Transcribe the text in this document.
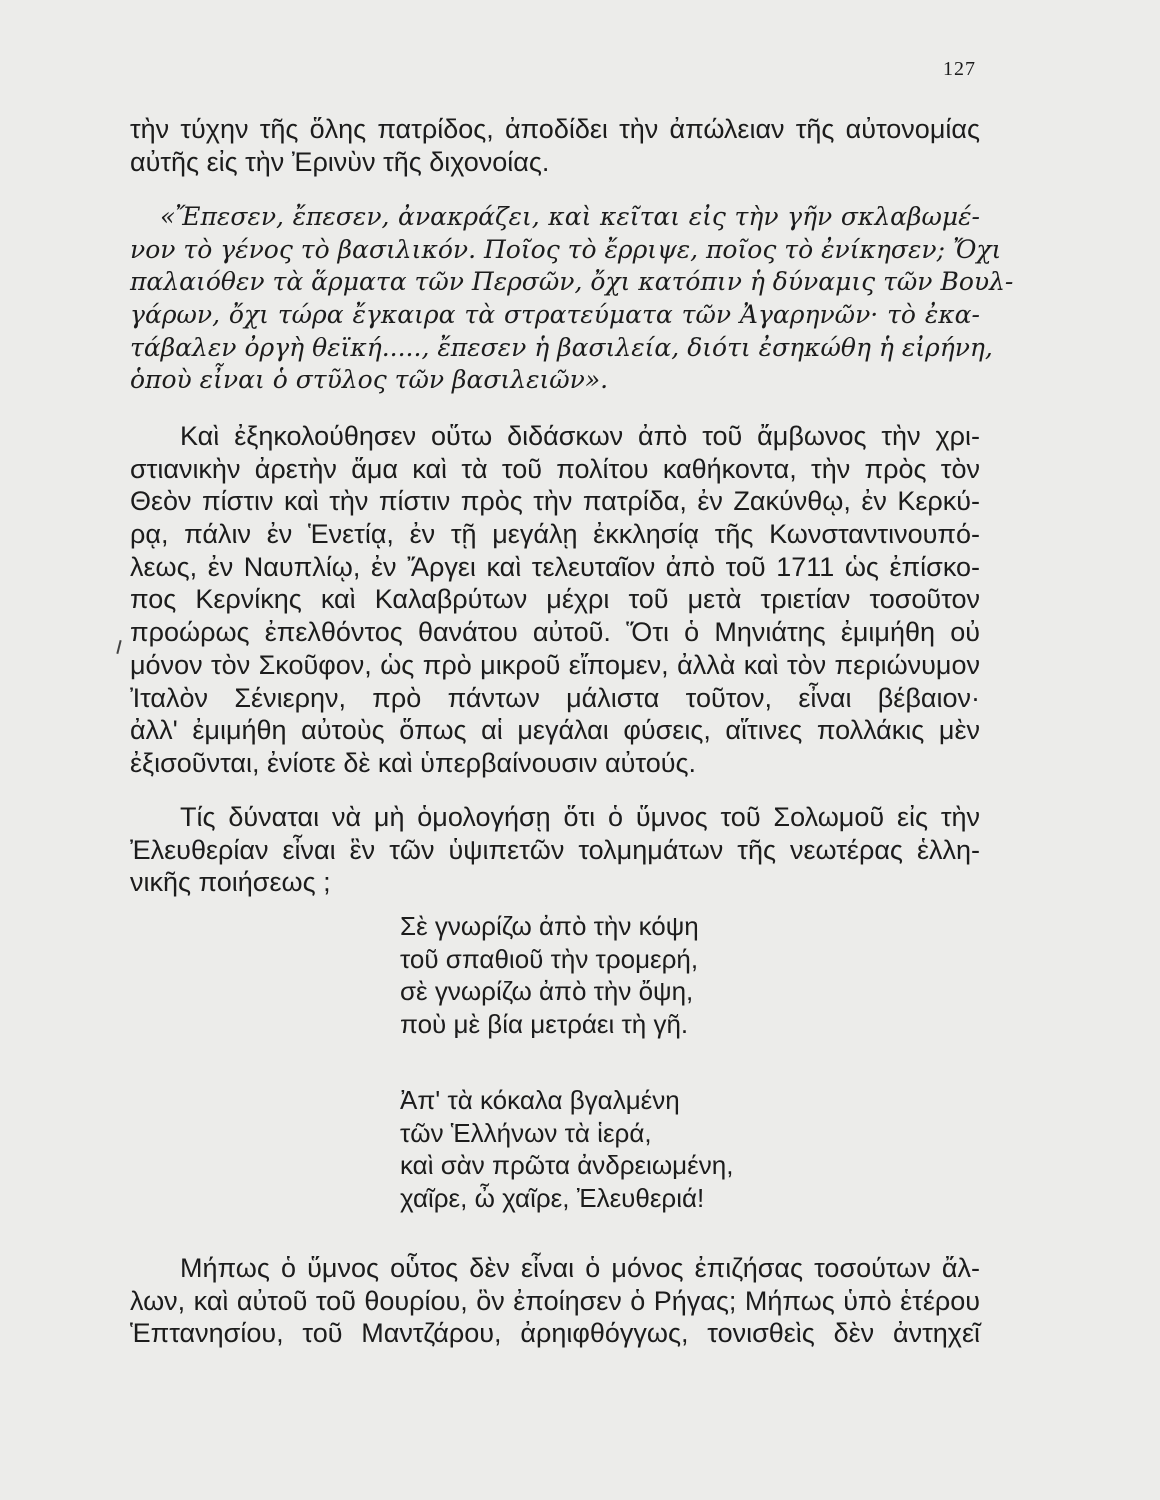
127
τὴν τύχην τῆς ὅλης πατρίδος, ἀποδίδει τὴν ἀπώλειαν τῆς αὐτονομίας
αὐτῆς εἰς τὴν Ἐρινὺν τῆς διχονοίας.
«Ἔπεσεν, ἔπεσεν, ἀνακράζει, καὶ κεῖται εἰς τὴν γῆν σκλαβωμέ-
νον τὸ γένος τὸ βασιλικόν. Ποῖος τὸ ἔρριψε, ποῖος τὸ ἐνίκησεν; Ὄχι
παλαιόθεν τὰ ἅρματα τῶν Περσῶν, ὄχι κατόπιν ἡ δύναμις τῶν Βουλ-
γάρων, ὄχι τώρα ἔγκαιρα τὰ στρατεύματα τῶν Ἀγαρηνῶν· τὸ ἐκα-
τάβαλεν ὀργὴ θεϊκή....., ἔπεσεν ἡ βασιλεία, διότι ἐσηκώθη ἡ εἰρήνη,
ὁποὺ εἶναι ὁ στῦλος τῶν βασιλειῶν».
Καὶ ἐξηκολούθησεν οὕτω διδάσκων ἀπὸ τοῦ ἄμβωνος τὴν χρι-
στιανικὴν ἀρετὴν ἅμα καὶ τὰ τοῦ πολίτου καθήκοντα, τὴν πρὸς τὸν
Θεὸν πίστιν καὶ τὴν πίστιν πρὸς τὴν πατρίδα, ἐν Ζακύνθῳ, ἐν Κερκύ-
ρᾳ, πάλιν ἐν Ἑνετίᾳ, ἐν τῇ μεγάλῃ ἐκκλησίᾳ τῆς Κωνσταντινουπό-
λεως, ἐν Ναυπλίῳ, ἐν Ἄργει καὶ τελευταῖον ἀπὸ τοῦ 1711 ὡς ἐπίσκο-
πος Κερνίκης καὶ Καλαβρύτων μέχρι τοῦ μετὰ τριετίαν τοσοῦτον
προώρως ἐπελθόντος θανάτου αὐτοῦ. Ὅτι ὁ Μηνιάτης ἐμιμήθη οὐ
μόνον τὸν Σκοῦφον, ὡς πρὸ μικροῦ εἴπομεν, ἀλλὰ καὶ τὸν περιώνυμον
Ἰταλὸν Σένιερην, πρὸ πάντων μάλιστα τοῦτον, εἶναι βέβαιον·
ἀλλ' ἐμιμήθη αὐτοὺς ὅπως αἱ μεγάλαι φύσεις, αἵτινες πολλάκις μὲν
ἐξισοῦνται, ἐνίοτε δὲ καὶ ὑπερβαίνουσιν αὐτούς.
Τίς δύναται νὰ μὴ ὁμολογήσῃ ὅτι ὁ ὕμνος τοῦ Σολωμοῦ εἰς τὴν
Ἐλευθερίαν εἶναι ἓν τῶν ὑψιπετῶν τολμημάτων τῆς νεωτέρας ἑλλη-
νικῆς ποιήσεως ;
Σὲ γνωρίζω ἀπὸ τὴν κόψη
τοῦ σπαθιοῦ τὴν τρομερή,
σὲ γνωρίζω ἀπὸ τὴν ὄψη,
ποὺ μὲ βία μετράει τὴ γῆ.
Ἀπ' τὰ κόκαλα βγαλμένη
τῶν Ἑλλήνων τὰ ἱερά,
καὶ σὰν πρῶτα ἀνδρειωμένη,
χαῖρε, ὦ χαῖρε, Ἐλευθεριά!
Μήπως ὁ ὕμνος οὗτος δὲν εἶναι ὁ μόνος ἐπιζήσας τοσούτων ἄλ-
λων, καὶ αὐτοῦ τοῦ θουρίου, ὃν ἐποίησεν ὁ Ρήγας; Μήπως ὑπὸ ἑτέρου
Ἑπτανησίου, τοῦ Μαντζάρου, ἀρηιφθόγγως, τονισθεὶς δὲν ἀντηχεῖ
